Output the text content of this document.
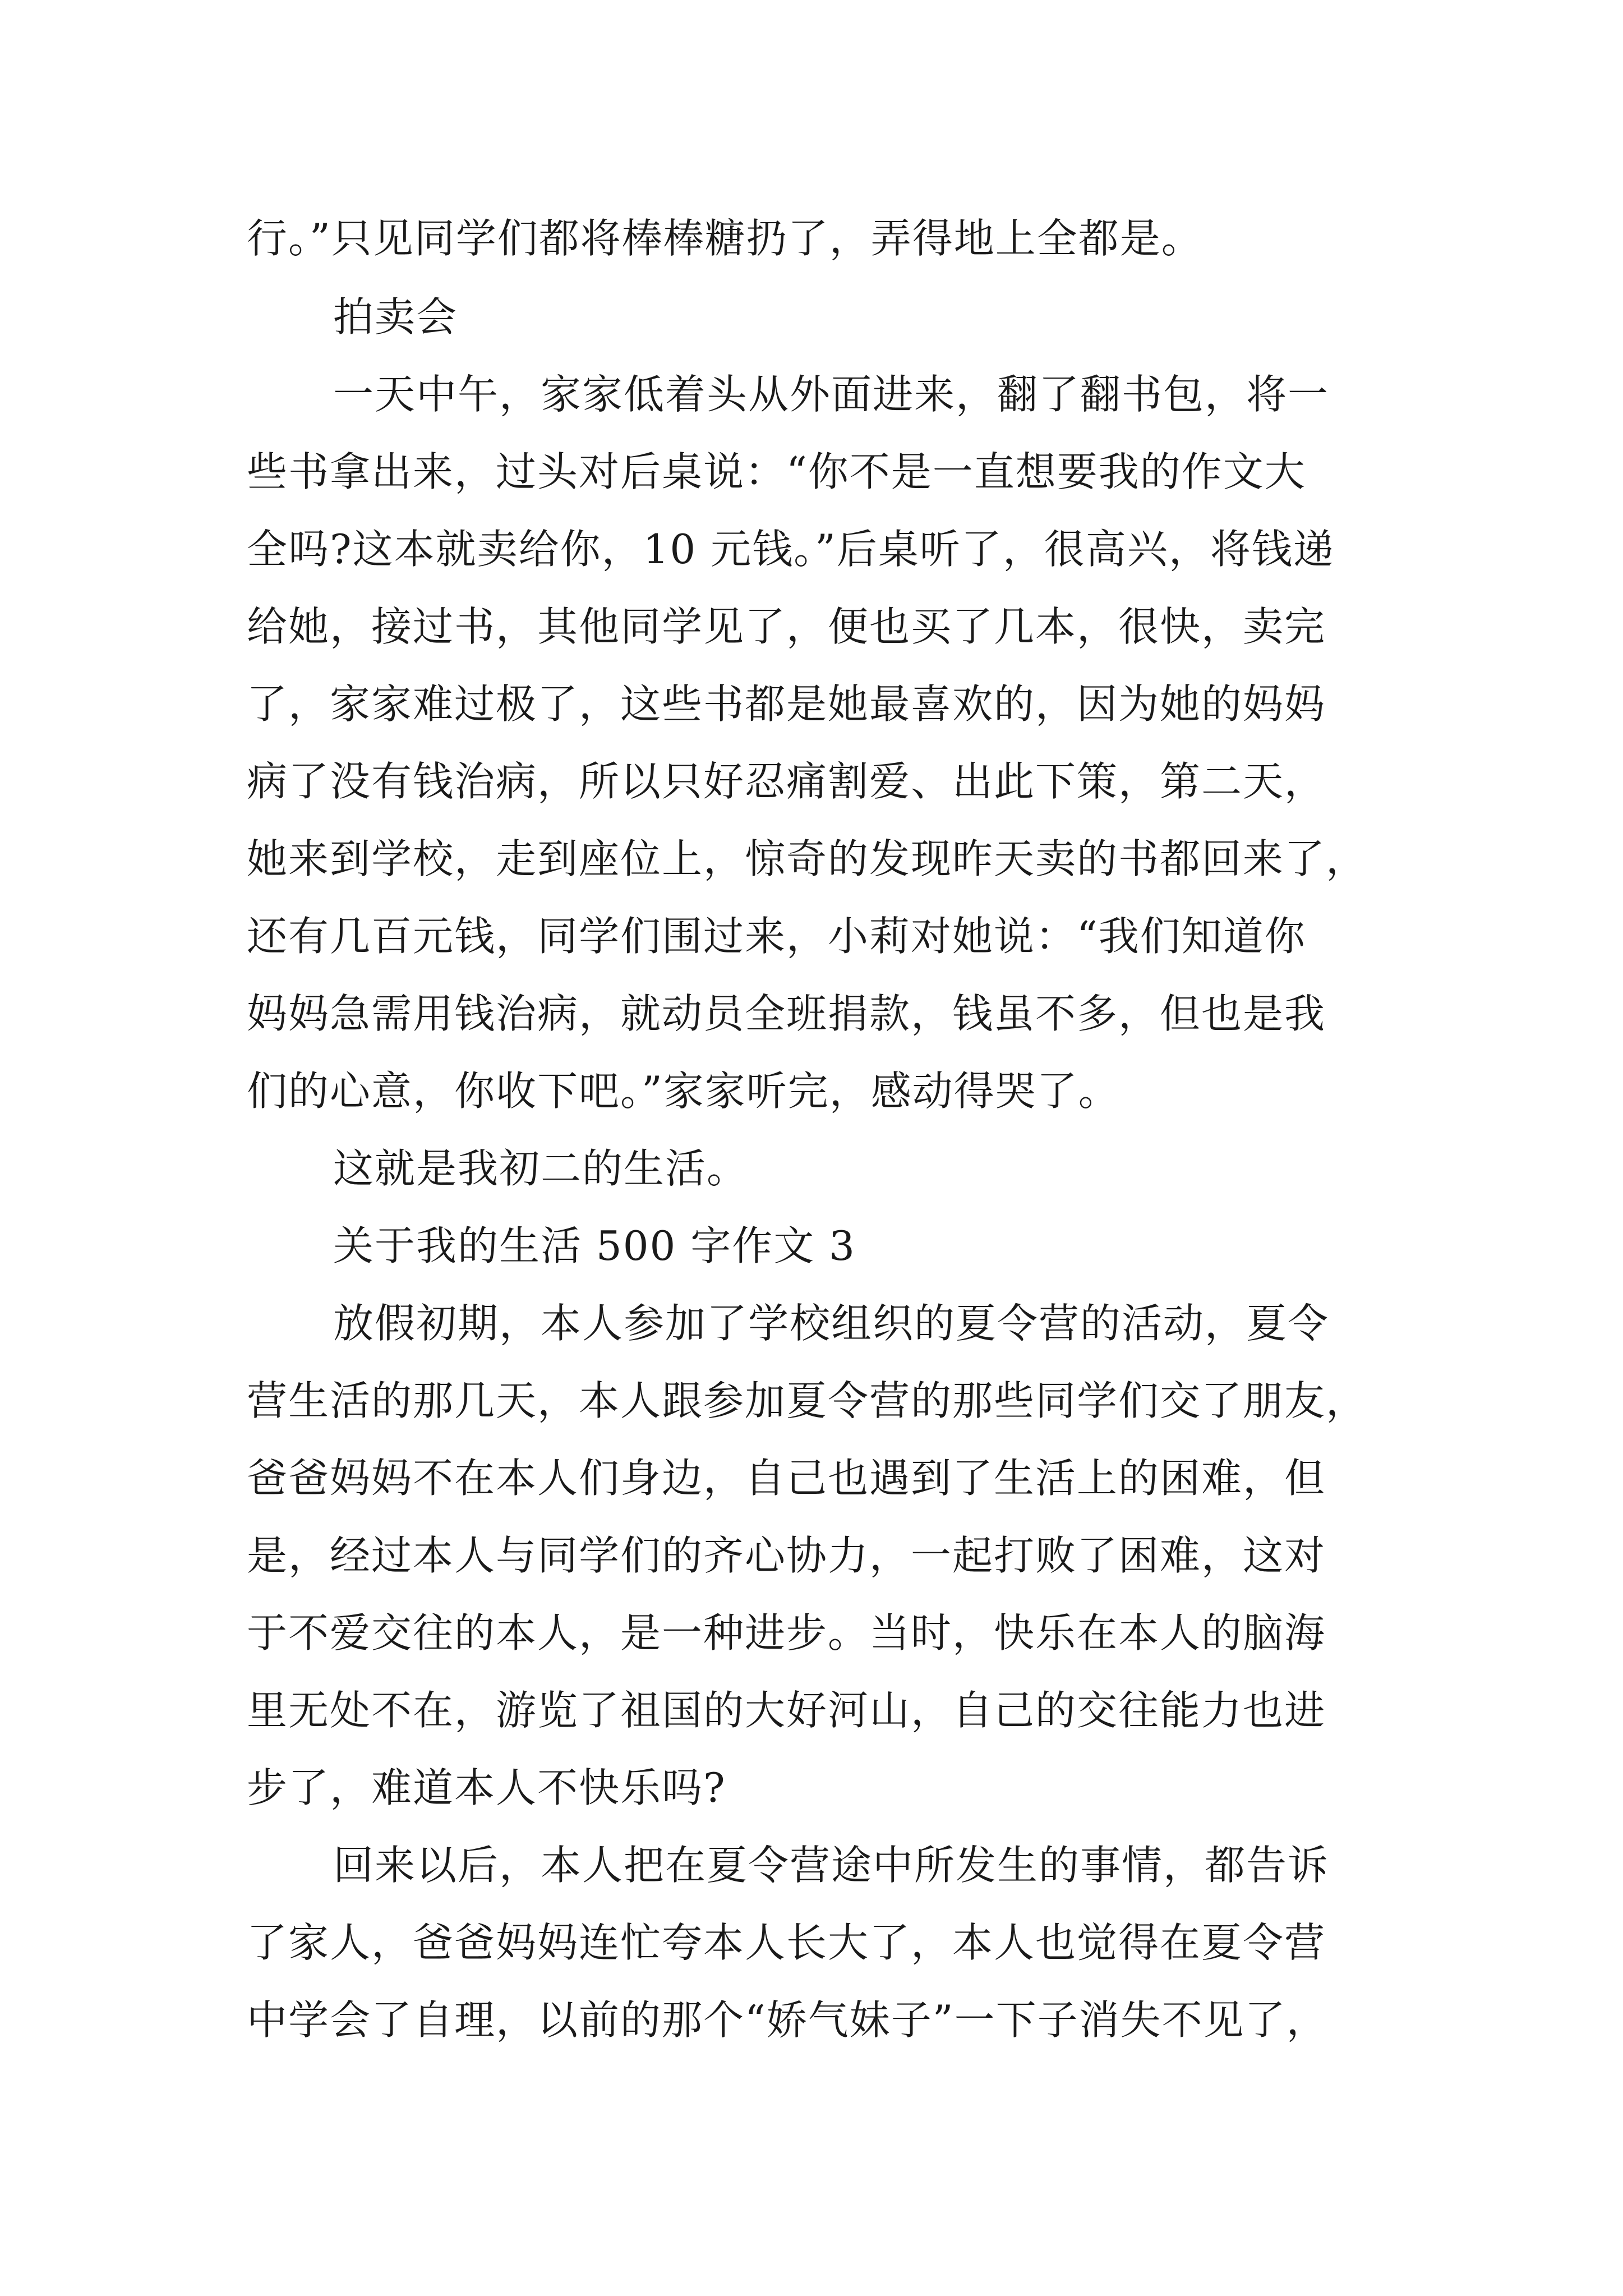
行。”只见同学们都将棒棒糖扔了，弄得地上全都是。
拍卖会
一天中午，家家低着头从外面进来，翻了翻书包，将一
些书拿出来，过头对后桌说：“你不是一直想要我的作文大
全吗?这本就卖给你，10 元钱。”后桌听了，很高兴，将钱递
给她，接过书，其他同学见了，便也买了几本，很快，卖完
了，家家难过极了，这些书都是她最喜欢的，因为她的妈妈
病了没有钱治病，所以只好忍痛割爱、出此下策，第二天，
她来到学校，走到座位上，惊奇的发现昨天卖的书都回来了，
还有几百元钱，同学们围过来，小莉对她说：“我们知道你
妈妈急需用钱治病，就动员全班捐款，钱虽不多，但也是我
们的心意，你收下吧。”家家听完，感动得哭了。
这就是我初二的生活。
关于我的生活 500 字作文 3
放假初期，本人参加了学校组织的夏令营的活动，夏令
营生活的那几天，本人跟参加夏令营的那些同学们交了朋友，
爸爸妈妈不在本人们身边，自己也遇到了生活上的困难，但
是，经过本人与同学们的齐心协力，一起打败了困难，这对
于不爱交往的本人，是一种进步。当时，快乐在本人的脑海
里无处不在，游览了祖国的大好河山，自己的交往能力也进
步了，难道本人不快乐吗?
回来以后，本人把在夏令营途中所发生的事情，都告诉
了家人，爸爸妈妈连忙夸本人长大了，本人也觉得在夏令营
中学会了自理，以前的那个“娇气妹子”一下子消失不见了，
